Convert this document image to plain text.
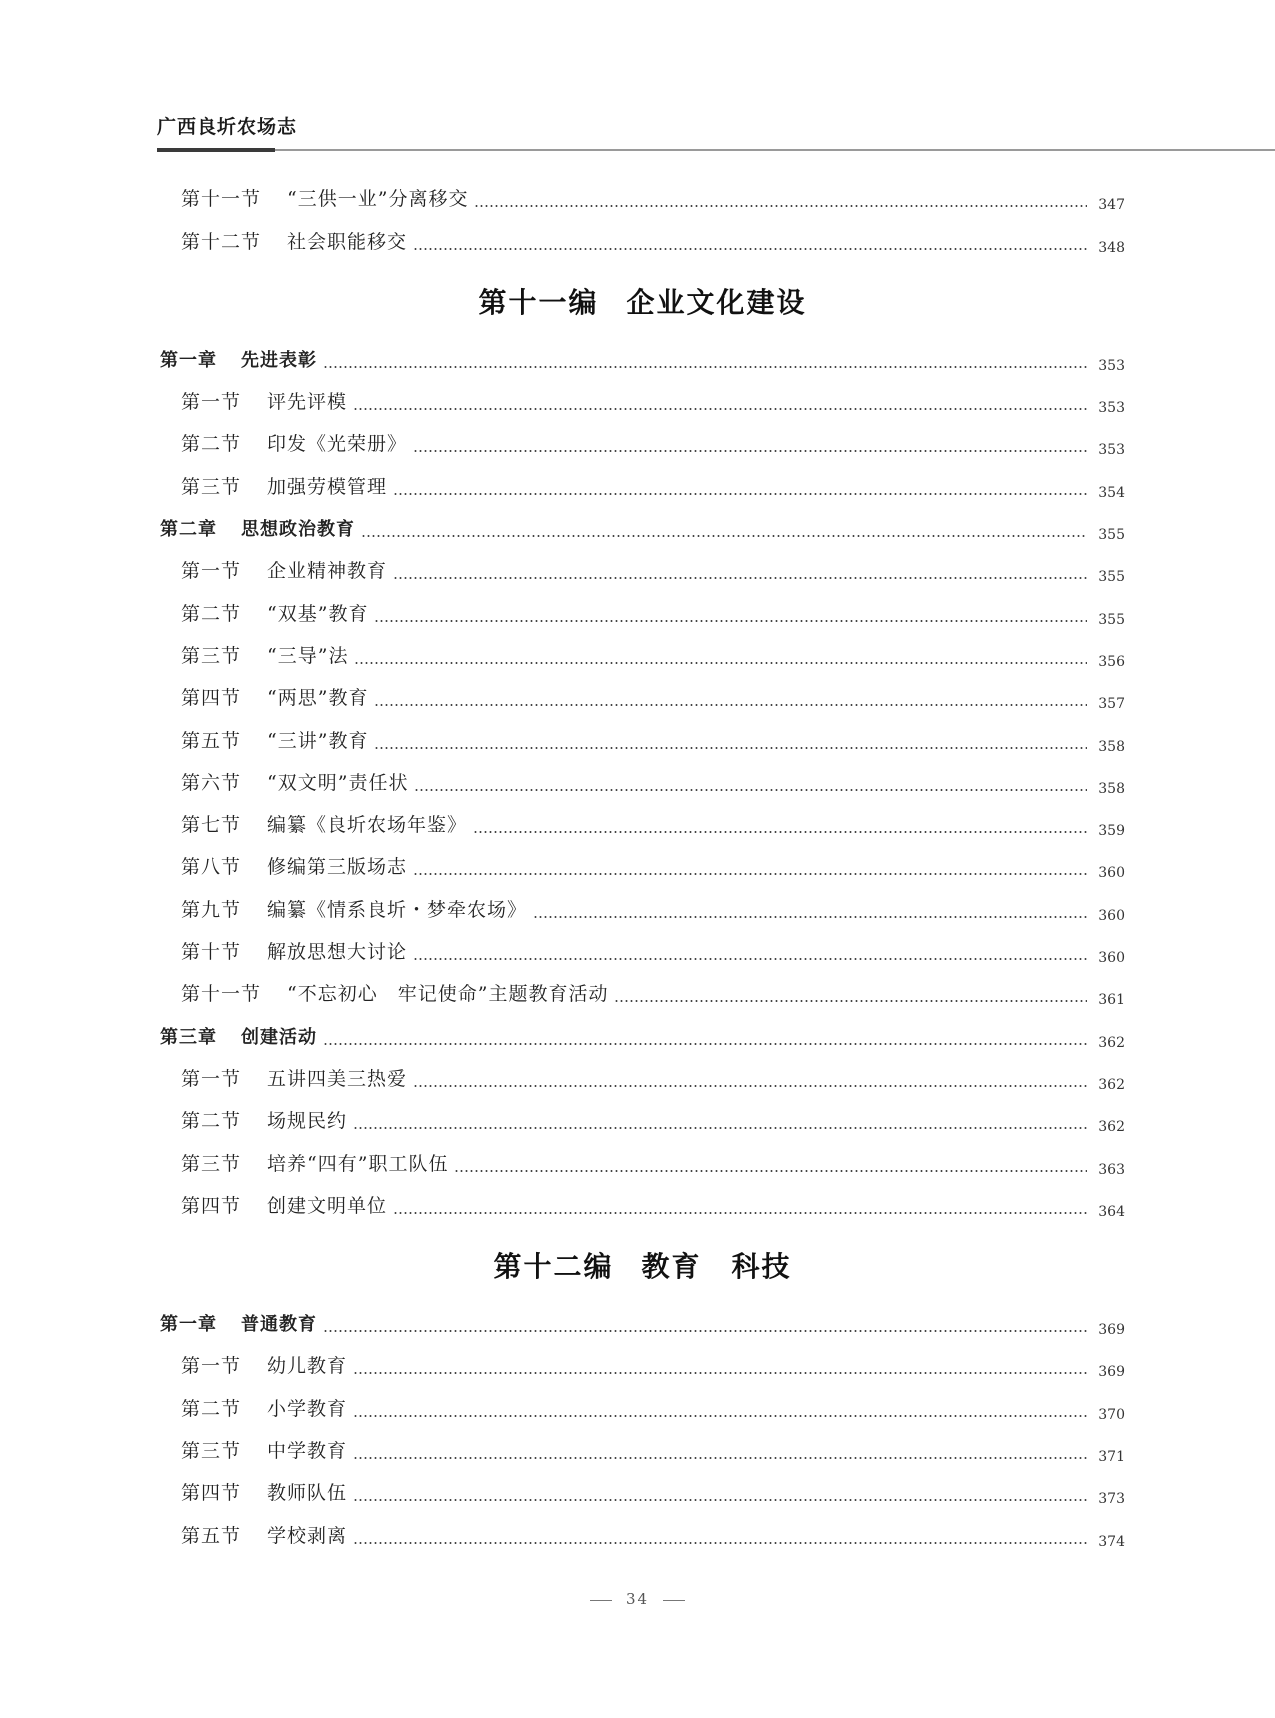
广西良圻农场志
第十一节 “三供一业”分离移交	347
第十二节 社会职能移交	348
第十一编 企业文化建设
第一章 先进表彰	353
第一节 评先评模	353
第二节 印发《光荣册》	353
第三节 加强劳模管理	354
第二章 思想政治教育	355
第一节 企业精神教育	355
第二节 “双基”教育	355
第三节 “三导”法	356
第四节 “两思”教育	357
第五节 “三讲”教育	358
第六节 “双文明”责任状	358
第七节 编纂《良圻农场年鉴》	359
第八节 修编第三版场志	360
第九节 编纂《情系良圻・梦牵农场》	360
第十节 解放思想大讨论	360
第十一节 “不忘初心　牢记使命”主题教育活动	361
第三章 创建活动	362
第一节 五讲四美三热爱	362
第二节 场规民约	362
第三节 培养“四有”职工队伍	363
第四节 创建文明单位	364
第十二编 教育　科技
第一章 普通教育	369
第一节 幼儿教育	369
第二节 小学教育	370
第三节 中学教育	371
第四节 教师队伍	373
第五节 学校剥离	374
34
